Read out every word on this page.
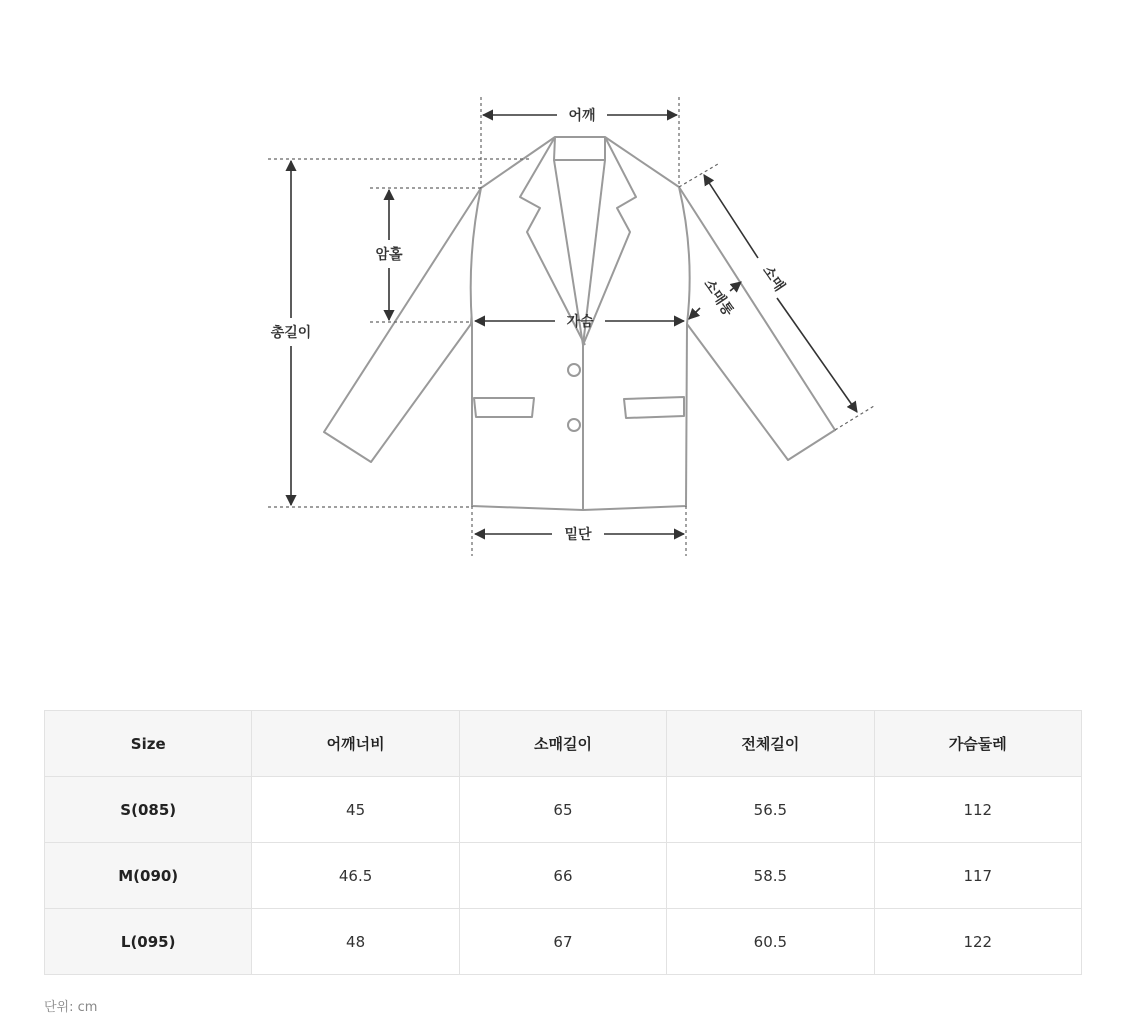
어깨
암홀
총길이
가슴
밑단
소매
소매통
Size	어깨너비	소매길이	전체길이	가슴둘레
S(085)	45	65	56.5	112
M(090)	46.5	66	58.5	117
L(095)	48	67	60.5	122
단위: cm
